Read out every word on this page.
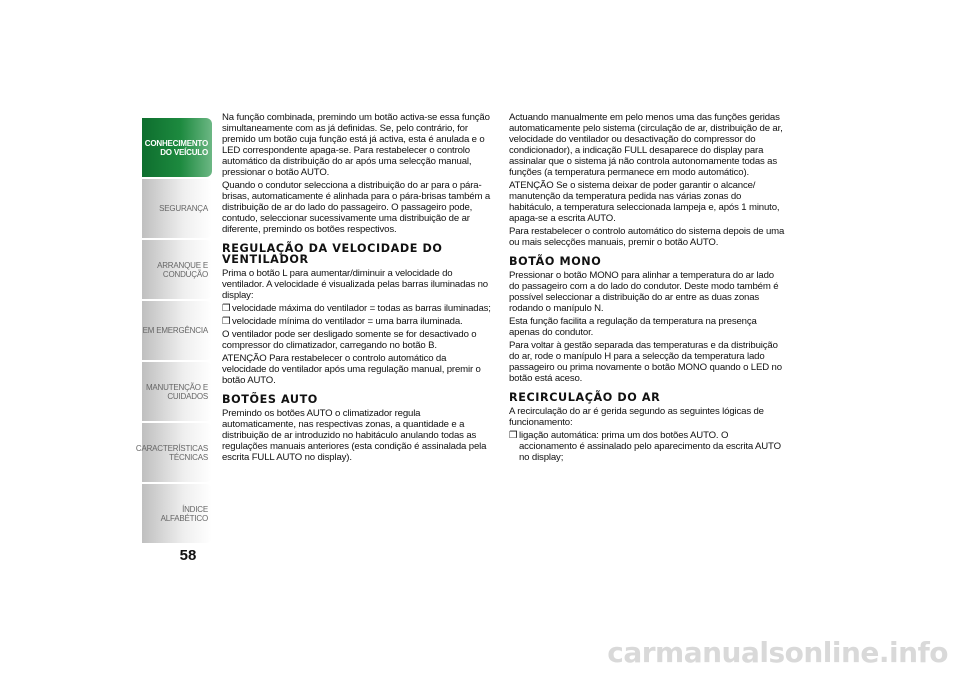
CONHECIMENTO
DO VEÍCULO
SEGURANÇA
ARRANQUE E
CONDUÇÃO
EM EMERGÊNCIA
MANUTENÇÃO E
CUIDADOS
CARACTERÍSTICAS
TÉCNICAS
ÍNDICE ALFABÉTICO
58

Na função combinada, premindo um botão activa-se essa função simultaneamente com as já definidas. Se, pelo contrário, for premido um botão cuja função está já activa, esta é anulada e o LED correspondente apaga-se. Para restabelecer o controlo automático da distribuição do ar após uma selecção manual, pressionar o botão AUTO.

Quando o condutor selecciona a distribuição do ar para o pára-brisas, automaticamente é alinhada para o pára-brisas também a distribuição de ar do lado do passageiro. O passageiro pode, contudo, seleccionar sucessivamente uma distribuição de ar diferente, premindo os botões respectivos.

REGULAÇÃO DA VELOCIDADE DO VENTILADOR

Prima o botão L para aumentar/diminuir a velocidade do ventilador. A velocidade é visualizada pelas barras iluminadas no display:

❒ velocidade máxima do ventilador = todas as barras iluminadas;

❒ velocidade mínima do ventilador = uma barra iluminada.

O ventilador pode ser desligado somente se for desactivado o compressor do climatizador, carregando no botão B.

ATENÇÃO Para restabelecer o controlo automático da velocidade do ventilador após uma regulação manual, premir o botão AUTO.

BOTÕES AUTO

Premindo os botões AUTO o climatizador regula automaticamente, nas respectivas zonas, a quantidade e a distribuição de ar introduzido no habitáculo anulando todas as regulações manuais anteriores (esta condição é assinalada pela escrita FULL AUTO no display).

Actuando manualmente em pelo menos uma das funções geridas automaticamente pelo sistema (circulação de ar, distribuição de ar, velocidade do ventilador ou desactivação do compressor do condicionador), a indicação FULL desaparece do display para assinalar que o sistema já não controla autonomamente todas as funções (a temperatura permanece em modo automático).

ATENÇÃO Se o sistema deixar de poder garantir o alcance/ manutenção da temperatura pedida nas várias zonas do habitáculo, a temperatura seleccionada lampeja e, após 1 minuto, apaga-se a escrita AUTO.

Para restabelecer o controlo automático do sistema depois de uma ou mais selecções manuais, premir o botão AUTO.

BOTÃO MONO

Pressionar o botão MONO para alinhar a temperatura do ar lado do passageiro com a do lado do condutor. Deste modo também é possível seleccionar a distribuição do ar entre as duas zonas rodando o manípulo N.

Esta função facilita a regulação da temperatura na presença apenas do condutor.

Para voltar à gestão separada das temperaturas e da distribuição do ar, rode o manípulo H para a selecção da temperatura lado passageiro ou prima novamente o botão MONO quando o LED no botão está aceso.

RECIRCULAÇÃO DO AR

A recirculação do ar é gerida segundo as seguintes lógicas de funcionamento:

❒ ligação automática: prima um dos botões AUTO. O accionamento é assinalado pelo aparecimento da escrita AUTO no display;

carmanualsonline.info
